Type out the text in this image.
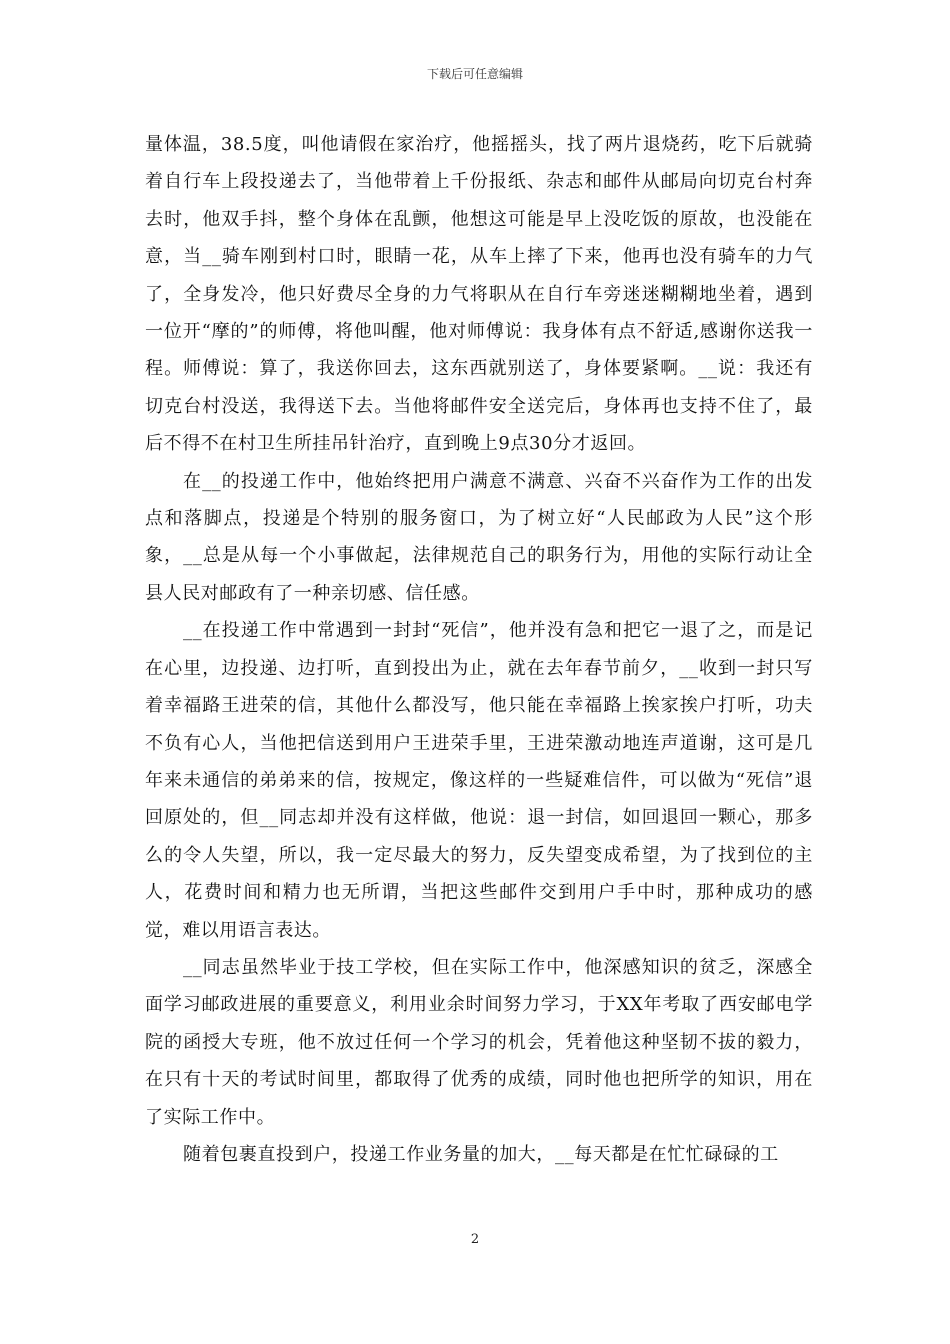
下载后可任意编辑

量体温，38.5度，叫他请假在家治疗，他摇摇头，找了两片退烧药，吃下后就骑着自行车上段投递去了，当他带着上千份报纸、杂志和邮件从邮局向切克台村奔去时，他双手抖，整个身体在乱颤，他想这可能是早上没吃饭的原故，也没能在意，当__骑车刚到村口时，眼睛一花，从车上摔了下来，他再也没有骑车的力气了，全身发冷，他只好费尽全身的力气将职从在自行车旁迷迷糊糊地坐着，遇到一位开“摩的”的师傅，将他叫醒，他对师傅说：我身体有点不舒适,感谢你送我一程。师傅说：算了，我送你回去，这东西就别送了，身体要紧啊。__说：我还有切克台村没送，我得送下去。当他将邮件安全送完后，身体再也支持不住了，最后不得不在村卫生所挂吊针治疗，直到晚上9点30分才返回。

在__的投递工作中，他始终把用户满意不满意、兴奋不兴奋作为工作的出发点和落脚点，投递是个特别的服务窗口，为了树立好“人民邮政为人民”这个形象，__总是从每一个小事做起，法律规范自己的职务行为，用他的实际行动让全县人民对邮政有了一种亲切感、信任感。

__在投递工作中常遇到一封封“死信”，他并没有急和把它一退了之，而是记在心里，边投递、边打听，直到投出为止，就在去年春节前夕，__收到一封只写着幸福路王进荣的信，其他什么都没写，他只能在幸福路上挨家挨户打听，功夫不负有心人，当他把信送到用户王进荣手里，王进荣激动地连声道谢，这可是几年来未通信的弟弟来的信，按规定，像这样的一些疑难信件，可以做为“死信”退回原处的，但__同志却并没有这样做，他说：退一封信，如回退回一颗心，那多么的令人失望，所以，我一定尽最大的努力，反失望变成希望，为了找到位的主人，花费时间和精力也无所谓，当把这些邮件交到用户手中时，那种成功的感觉，难以用语言表达。

__同志虽然毕业于技工学校，但在实际工作中，他深感知识的贫乏，深感全面学习邮政进展的重要意义，利用业余时间努力学习，于XX年考取了西安邮电学院的函授大专班，他不放过任何一个学习的机会，凭着他这种坚韧不拔的毅力，在只有十天的考试时间里，都取得了优秀的成绩，同时他也把所学的知识，用在了实际工作中。

随着包裹直投到户，投递工作业务量的加大，__每天都是在忙忙碌碌的工

2
